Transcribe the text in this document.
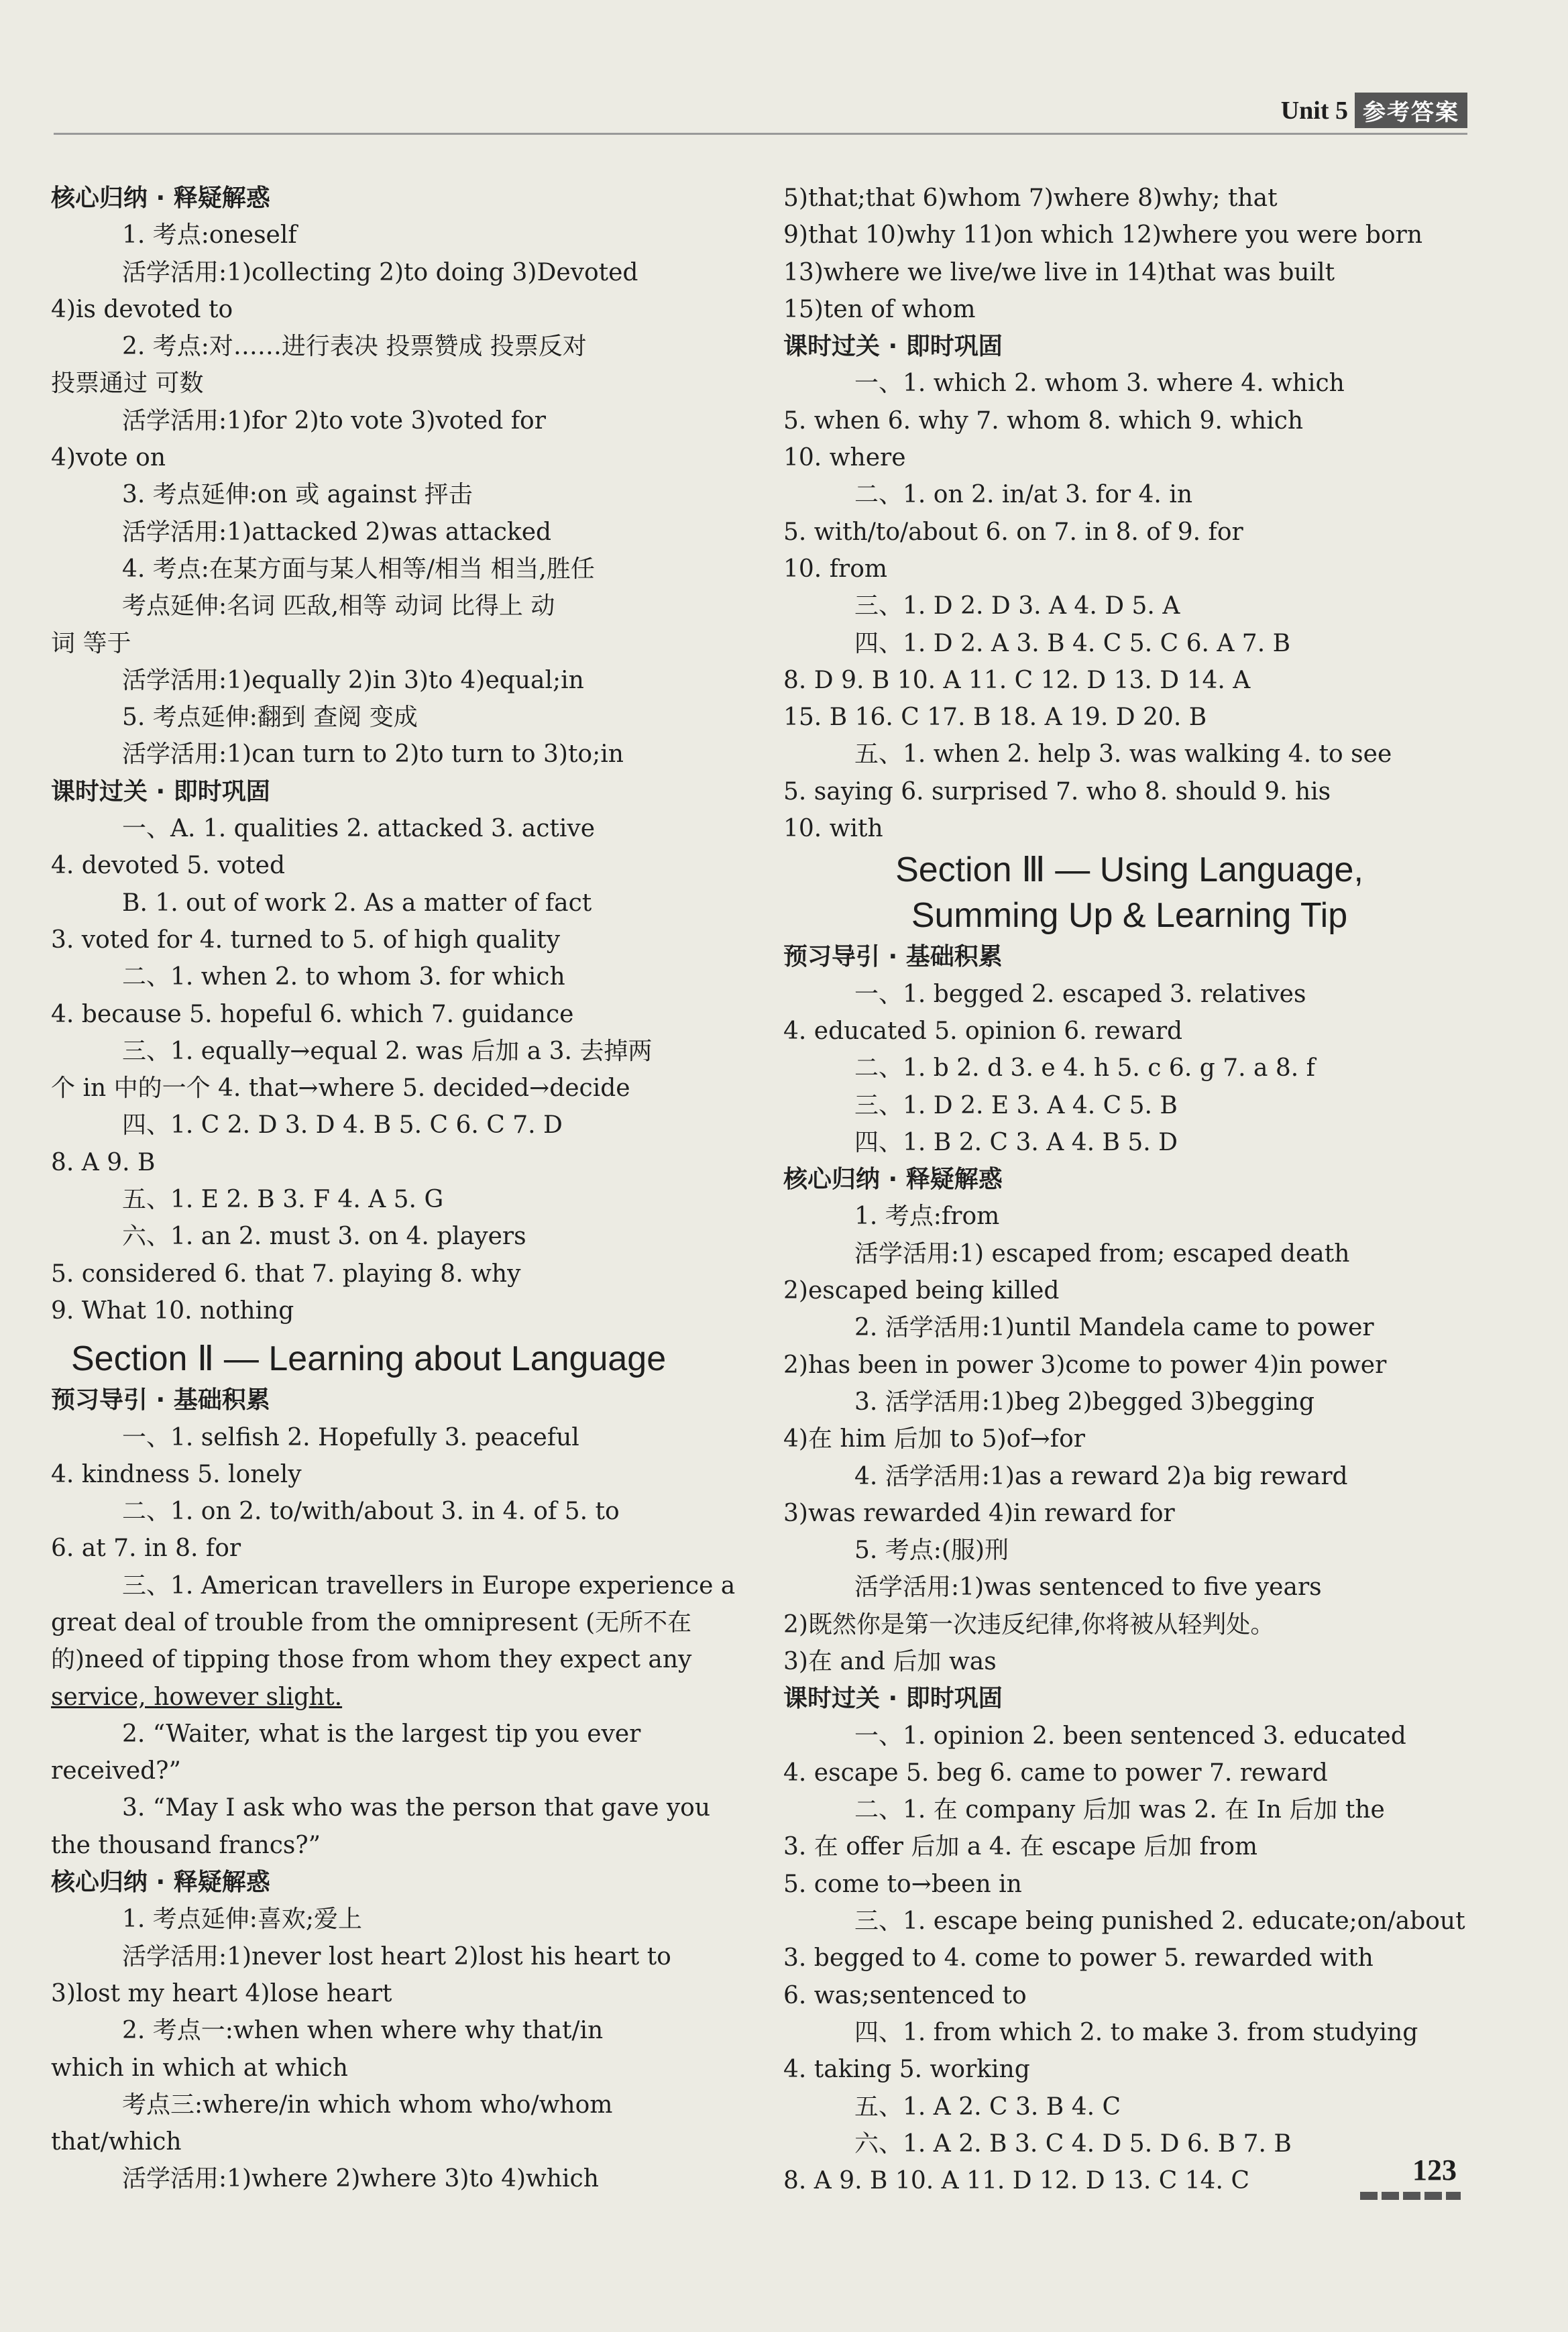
Unit 5 参考答案
核心归纳 · 释疑解惑
1. 考点:oneself
活学活用:1)collecting 2)to doing 3)Devoted
4)is devoted to
2. 考点:对……进行表决 投票赞成 投票反对
投票通过 可数
活学活用:1)for 2)to vote 3)voted for
4)vote on
3. 考点延伸:on 或 against 抨击
活学活用:1)attacked 2)was attacked
4. 考点:在某方面与某人相等/相当 相当,胜任
考点延伸:名词 匹敌,相等 动词 比得上 动
词 等于
活学活用:1)equally 2)in 3)to 4)equal;in
5. 考点延伸:翻到 查阅 变成
活学活用:1)can turn to 2)to turn to 3)to;in
课时过关 · 即时巩固
一、A. 1. qualities 2. attacked 3. active
4. devoted 5. voted
B. 1. out of work 2. As a matter of fact
3. voted for 4. turned to 5. of high quality
二、1. when 2. to whom 3. for which
4. because 5. hopeful 6. which 7. guidance
三、1. equally→equal 2. was 后加 a 3. 去掉两
个 in 中的一个 4. that→where 5. decided→decide
四、1. C 2. D 3. D 4. B 5. C 6. C 7. D
8. A 9. B
五、1. E 2. B 3. F 4. A 5. G
六、1. an 2. must 3. on 4. players
5. considered 6. that 7. playing 8. why
9. What 10. nothing
Section Ⅱ — Learning about Language
预习导引 · 基础积累
一、1. selfish 2. Hopefully 3. peaceful
4. kindness 5. lonely
二、1. on 2. to/with/about 3. in 4. of 5. to
6. at 7. in 8. for
三、1. American travellers in Europe experience a
great deal of trouble from the omnipresent (无所不在
的)need of tipping those from whom they expect any
service, however slight.
2. “Waiter, what is the largest tip you ever
received?”
3. “May I ask who was the person that gave you
the thousand francs?”
核心归纳 · 释疑解惑
1. 考点延伸:喜欢;爱上
活学活用:1)never lost heart 2)lost his heart to
3)lost my heart 4)lose heart
2. 考点一:when when where why that/in
which in which at which
考点三:where/in which whom who/whom
that/which
活学活用:1)where 2)where 3)to 4)which
5)that;that 6)whom 7)where 8)why; that
9)that 10)why 11)on which 12)where you were born
13)where we live/we live in 14)that was built
15)ten of whom
课时过关 · 即时巩固
一、1. which 2. whom 3. where 4. which
5. when 6. why 7. whom 8. which 9. which
10. where
二、1. on 2. in/at 3. for 4. in
5. with/to/about 6. on 7. in 8. of 9. for
10. from
三、1. D 2. D 3. A 4. D 5. A
四、1. D 2. A 3. B 4. C 5. C 6. A 7. B
8. D 9. B 10. A 11. C 12. D 13. D 14. A
15. B 16. C 17. B 18. A 19. D 20. B
五、1. when 2. help 3. was walking 4. to see
5. saying 6. surprised 7. who 8. should 9. his
10. with
Section Ⅲ — Using Language,
Summing Up & Learning Tip
预习导引 · 基础积累
一、1. begged 2. escaped 3. relatives
4. educated 5. opinion 6. reward
二、1. b 2. d 3. e 4. h 5. c 6. g 7. a 8. f
三、1. D 2. E 3. A 4. C 5. B
四、1. B 2. C 3. A 4. B 5. D
核心归纳 · 释疑解惑
1. 考点:from
活学活用:1) escaped from; escaped death
2)escaped being killed
2. 活学活用:1)until Mandela came to power
2)has been in power 3)come to power 4)in power
3. 活学活用:1)beg 2)begged 3)begging
4)在 him 后加 to 5)of→for
4. 活学活用:1)as a reward 2)a big reward
3)was rewarded 4)in reward for
5. 考点:(服)刑
活学活用:1)was sentenced to five years
2)既然你是第一次违反纪律,你将被从轻判处。
3)在 and 后加 was
课时过关 · 即时巩固
一、1. opinion 2. been sentenced 3. educated
4. escape 5. beg 6. came to power 7. reward
二、1. 在 company 后加 was 2. 在 In 后加 the
3. 在 offer 后加 a 4. 在 escape 后加 from
5. come to→been in
三、1. escape being punished 2. educate;on/about
3. begged to 4. come to power 5. rewarded with
6. was;sentenced to
四、1. from which 2. to make 3. from studying
4. taking 5. working
五、1. A 2. C 3. B 4. C
六、1. A 2. B 3. C 4. D 5. D 6. B 7. B
8. A 9. B 10. A 11. D 12. D 13. C 14. C	123
